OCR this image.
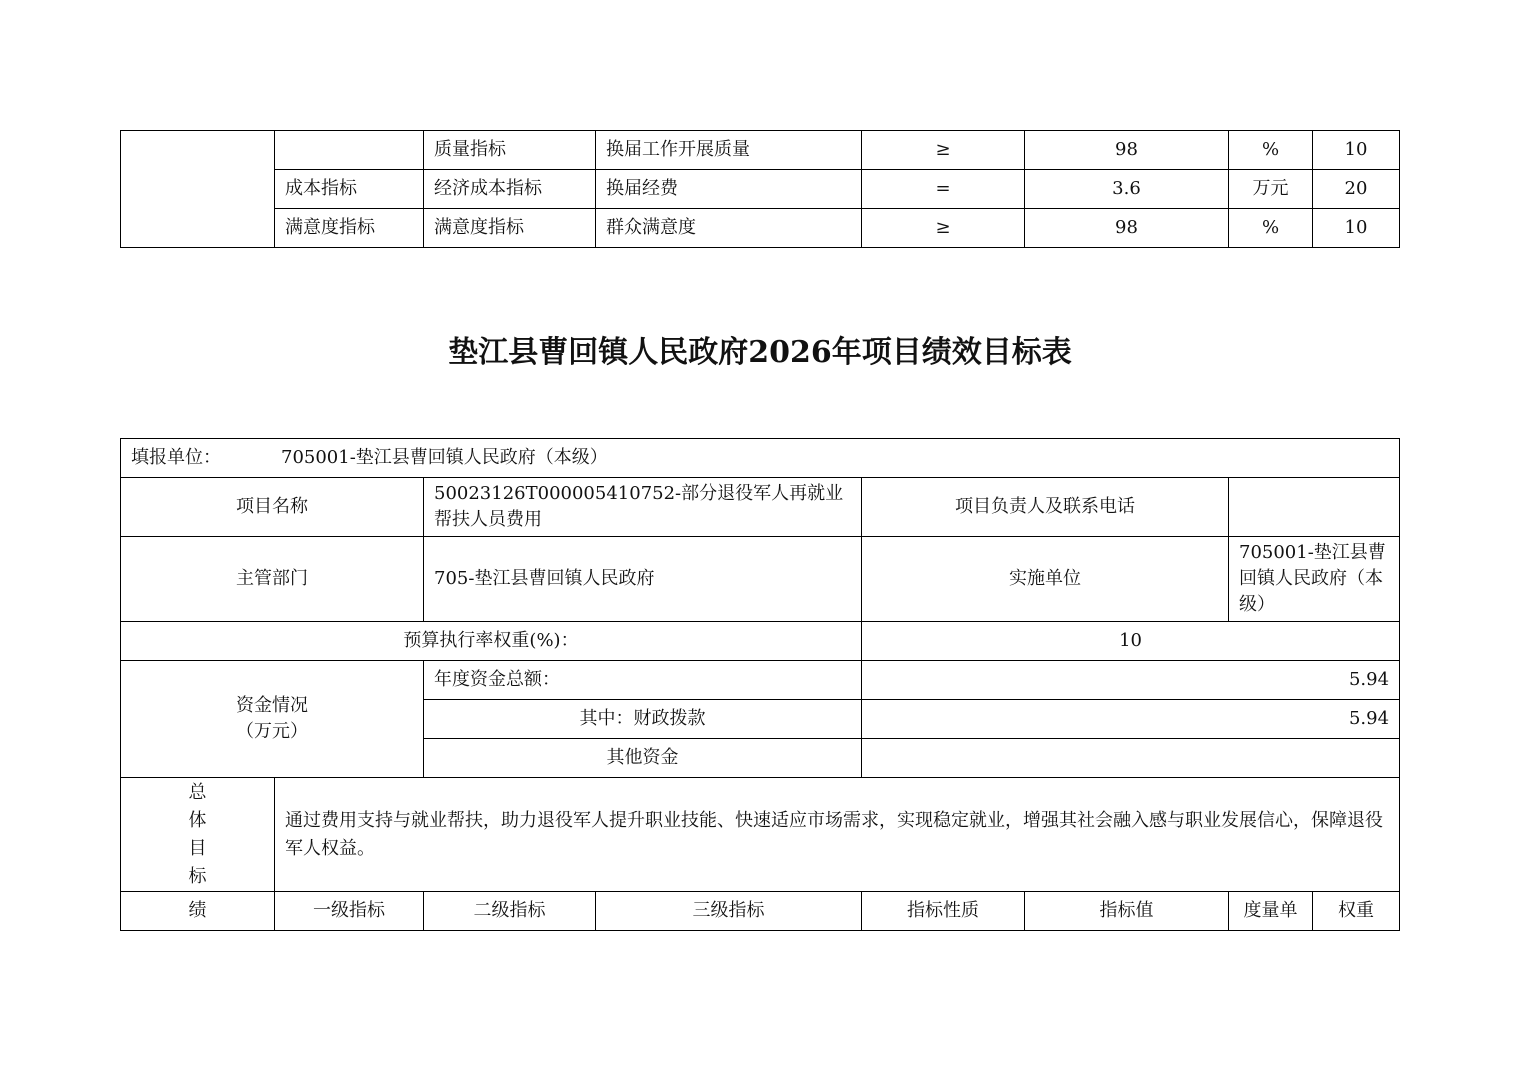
		质量指标	换届工作开展质量	≥	98	%	10
	成本指标	经济成本指标	换届经费	=	3.6	万元	20
	满意度指标	满意度指标	群众满意度	≥	98	%	10
垫江县曹回镇人民政府2026年项目绩效目标表
填报单位： 705001-垫江县曹回镇人民政府（本级）							
项目名称		50023126T000005410752-部分退役军人再就业帮扶人员费用		项目负责人及联系电话			
主管部门		705-垫江县曹回镇人民政府		实施单位		705001-垫江县曹回镇人民政府（本级）	
预算执行率权重(%)：				10			

资金情况
（万元）		年度资金总额：		5.94			
		其中：财政拨款		5.94			
		其他资金					

总
体
目
标	通过费用支持与就业帮扶，助力退役军人提升职业技能、快速适应市场需求，实现稳定就业，增强其社会融入感与职业发展信心，保障退役军人权益。						
绩	一级指标	二级指标	三级指标	指标性质	指标值	度量单	权重
